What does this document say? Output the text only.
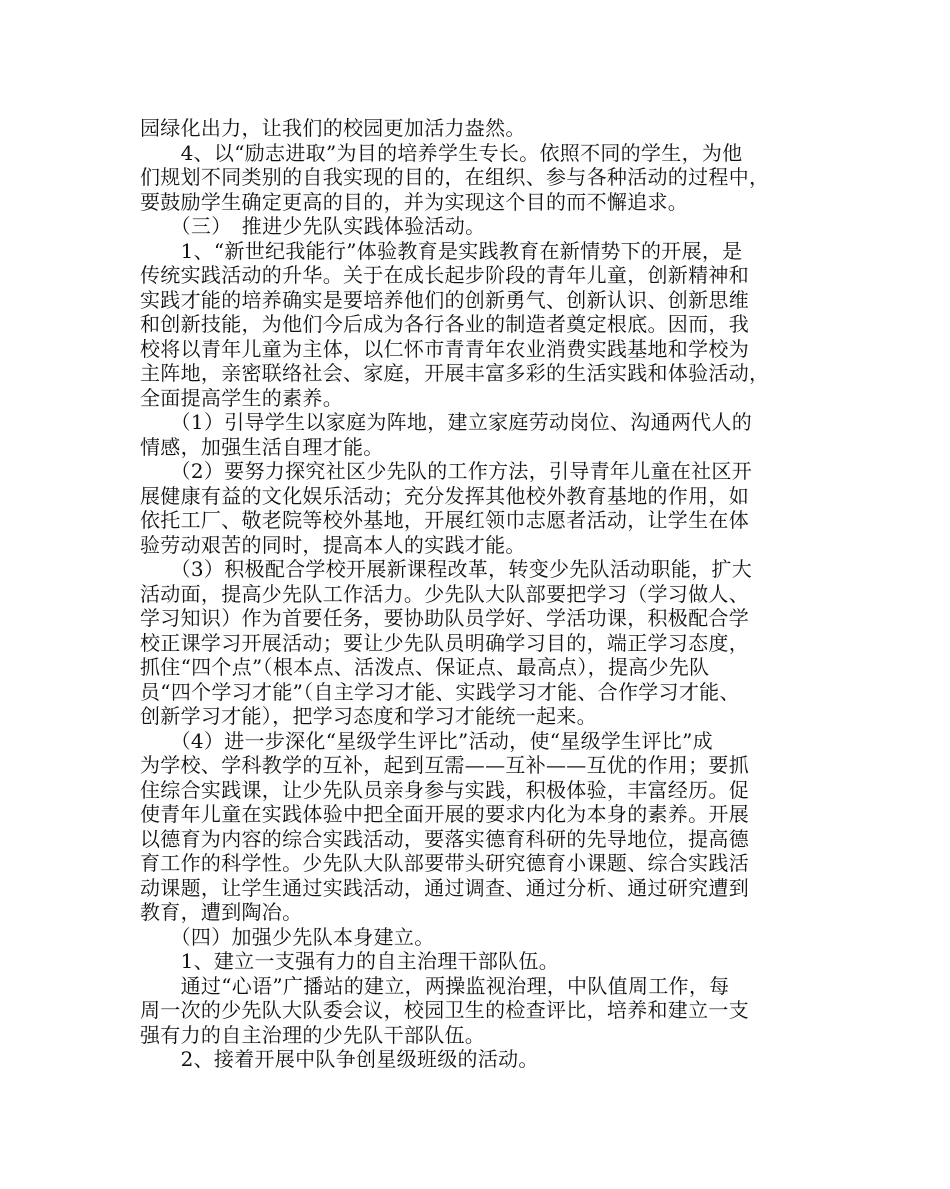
园绿化出力，让我们的校园更加活力盎然。
　　4、以“励志进取”为目的培养学生专长。依照不同的学生，为他
们规划不同类别的自我实现的目的，在组织、参与各种活动的过程中，
要鼓励学生确定更高的目的，并为实现这个目的而不懈追求。
　　（三）　推进少先队实践体验活动。
　　1、“新世纪我能行”体验教育是实践教育在新情势下的开展，是
传统实践活动的升华。关于在成长起步阶段的青年儿童，创新精神和
实践才能的培养确实是要培养他们的创新勇气、创新认识、创新思维
和创新技能，为他们今后成为各行各业的制造者奠定根底。因而，我
校将以青年儿童为主体，以仁怀市青青年农业消费实践基地和学校为
主阵地，亲密联络社会、家庭，开展丰富多彩的生活实践和体验活动，
全面提高学生的素养。
　　（1）引导学生以家庭为阵地，建立家庭劳动岗位、沟通两代人的
情感，加强生活自理才能。
　　（2）要努力探究社区少先队的工作方法，引导青年儿童在社区开
展健康有益的文化娱乐活动；充分发挥其他校外教育基地的作用，如
依托工厂、敬老院等校外基地，开展红领巾志愿者活动，让学生在体
验劳动艰苦的同时，提高本人的实践才能。
　　（3）积极配合学校开展新课程改革，转变少先队活动职能，扩大
活动面，提高少先队工作活力。少先队大队部要把学习（学习做人、
学习知识）作为首要任务，要协助队员学好、学活功课，积极配合学
校正课学习开展活动；要让少先队员明确学习目的，端正学习态度，
抓住“四个点”（根本点、活泼点、保证点、最高点），提高少先队
员“四个学习才能”（自主学习才能、实践学习才能、合作学习才能、
创新学习才能），把学习态度和学习才能统一起来。
　　（4）进一步深化“星级学生评比”活动，使“星级学生评比”成
为学校、学科教学的互补，起到互需——互补——互优的作用；要抓
住综合实践课，让少先队员亲身参与实践，积极体验，丰富经历。促
使青年儿童在实践体验中把全面开展的要求内化为本身的素养。开展
以德育为内容的综合实践活动，要落实德育科研的先导地位，提高德
育工作的科学性。少先队大队部要带头研究德育小课题、综合实践活
动课题，让学生通过实践活动，通过调查、通过分析、通过研究遭到
教育，遭到陶冶。
　　（四）加强少先队本身建立。
　　1、建立一支强有力的自主治理干部队伍。
　　通过“心语”广播站的建立，两操监视治理，中队值周工作，每
周一次的少先队大队委会议，校园卫生的检查评比，培养和建立一支
强有力的自主治理的少先队干部队伍。
　　2、接着开展中队争创星级班级的活动。
